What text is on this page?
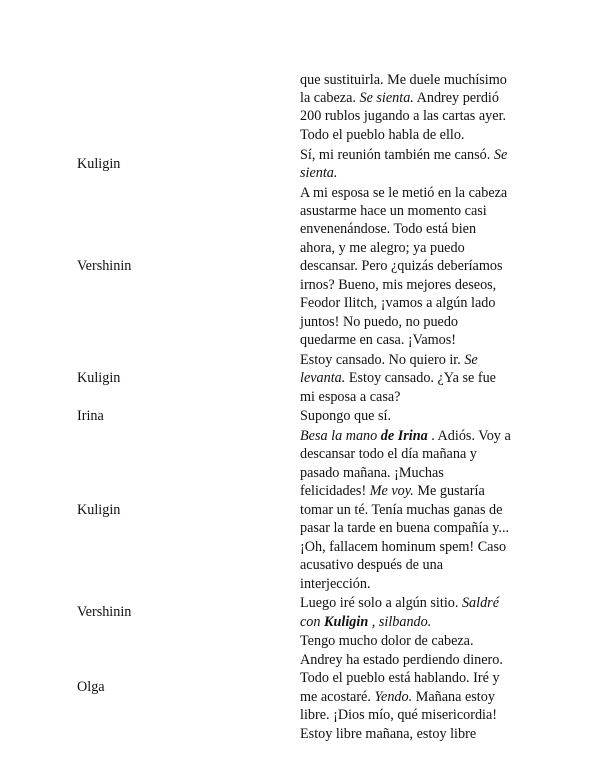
que sustituirla. Me duele muchísimo
la cabeza. Se sienta. Andrey perdió
200 rublos jugando a las cartas ayer.
Todo el pueblo habla de ello.
Kuligin
Sí, mi reunión también me cansó. Se
sienta.
Vershinin
A mi esposa se le metió en la cabeza
asustarme hace un momento casi
envenenándose. Todo está bien
ahora, y me alegro; ya puedo
descansar. Pero ¿quizás deberíamos
irnos? Bueno, mis mejores deseos,
Feodor Ilitch, ¡vamos a algún lado
juntos! No puedo, no puedo
quedarme en casa. ¡Vamos!
Kuligin
Estoy cansado. No quiero ir. Se
levanta. Estoy cansado. ¿Ya se fue
mi esposa a casa?
Irina	Supongo que sí.
Kuligin
Besa la mano de Irina . Adiós. Voy a
descansar todo el día mañana y
pasado mañana. ¡Muchas
felicidades! Me voy. Me gustaría
tomar un té. Tenía muchas ganas de
pasar la tarde en buena compañía y...
¡Oh, fallacem hominum spem! Caso
acusativo después de una
interjección.
Vershinin
Luego iré solo a algún sitio. Saldré
con Kuligin , silbando.
Olga
Tengo mucho dolor de cabeza.
Andrey ha estado perdiendo dinero.
Todo el pueblo está hablando. Iré y
me acostaré. Yendo. Mañana estoy
libre. ¡Dios mío, qué misericordia!
Estoy libre mañana, estoy libre
